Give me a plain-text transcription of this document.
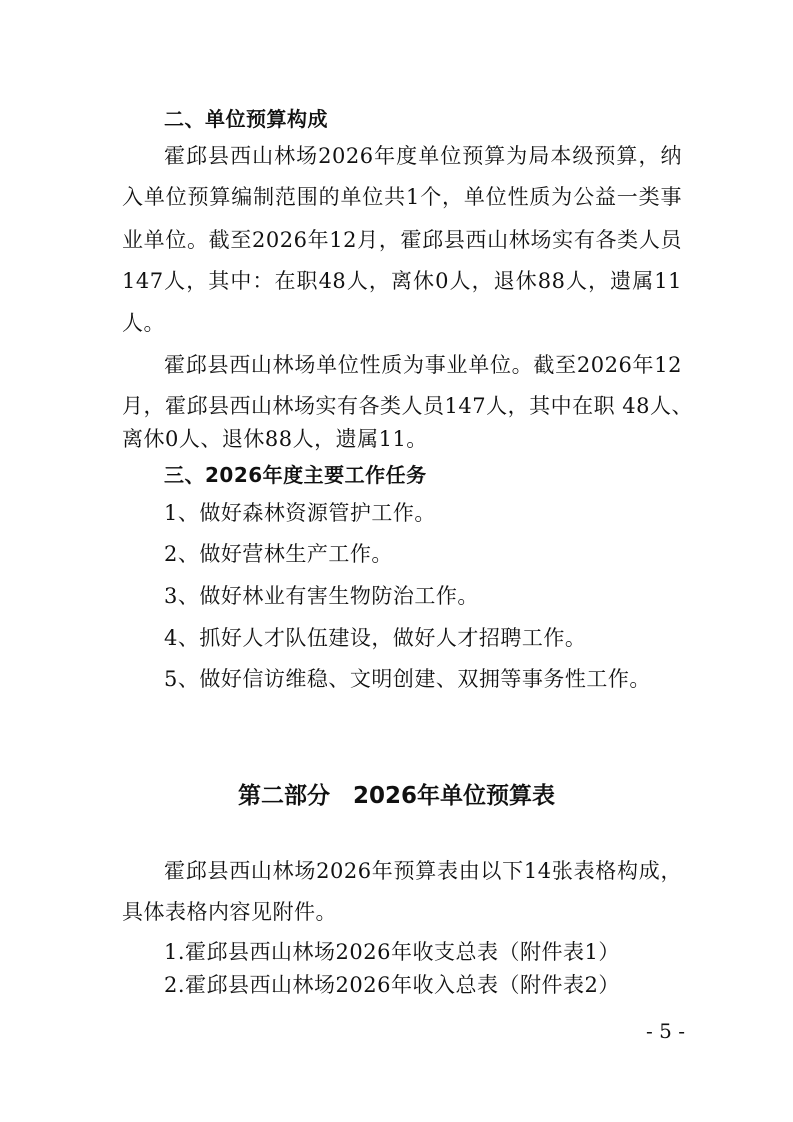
二、单位预算构成
霍邱县西山林场2026年度单位预算为局本级预算，纳
入单位预算编制范围的单位共1个，单位性质为公益一类事
业单位。截至2026年12月，霍邱县西山林场实有各类人员
147人，其中：在职48人，离休0人，退休88人，遗属11
人。
霍邱县西山林场单位性质为事业单位。截至2026年12
月，霍邱县西山林场实有各类人员147人，其中在职 48人、
离休0人、退休88人，遗属11。
三、2026年度主要工作任务
1、做好森林资源管护工作。
2、做好营林生产工作。
3、做好林业有害生物防治工作。
4、抓好人才队伍建设，做好人才招聘工作。
5、做好信访维稳、文明创建、双拥等事务性工作。
第二部分　2026年单位预算表
霍邱县西山林场2026年预算表由以下14张表格构成，
具体表格内容见附件。
1.霍邱县西山林场2026年收支总表（附件表1）
2.霍邱县西山林场2026年收入总表（附件表2）
- 5 -
